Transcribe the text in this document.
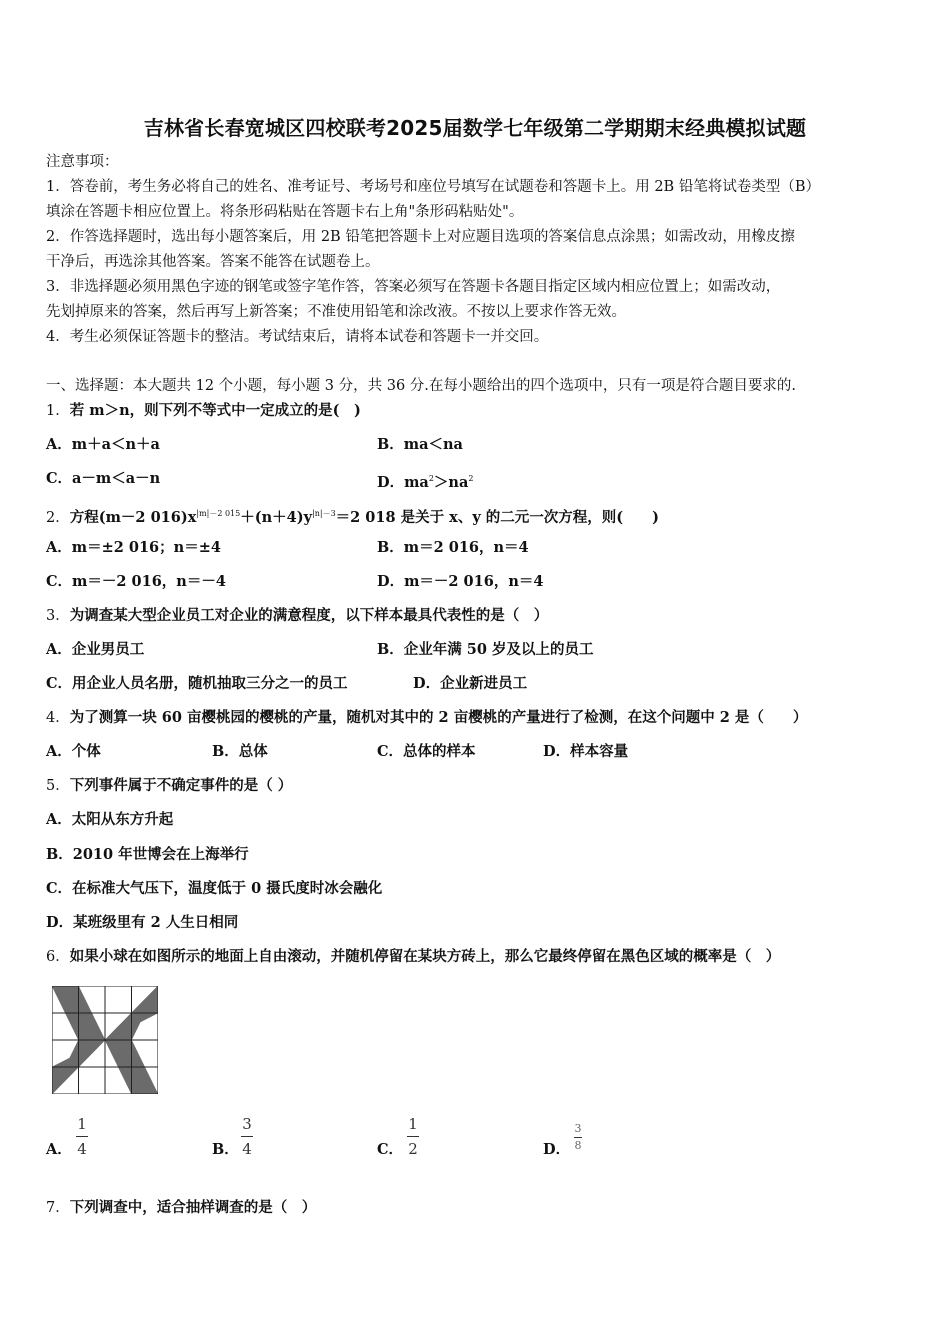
吉林省长春宽城区四校联考2025届数学七年级第二学期期末经典模拟试题
注意事项：
1．答卷前，考生务必将自己的姓名、准考证号、考场号和座位号填写在试题卷和答题卡上。用 2B 铅笔将试卷类型（B）
填涂在答题卡相应位置上。将条形码粘贴在答题卡右上角"条形码粘贴处"。
2．作答选择题时，选出每小题答案后，用 2B 铅笔把答题卡上对应题目选项的答案信息点涂黑；如需改动，用橡皮擦
干净后，再选涂其他答案。答案不能答在试题卷上。
3．非选择题必须用黑色字迹的钢笔或签字笔作答，答案必须写在答题卡各题目指定区域内相应位置上；如需改动，
先划掉原来的答案，然后再写上新答案；不准使用铅笔和涂改液。不按以上要求作答无效。
4．考生必须保证答题卡的整洁。考试结束后，请将本试卷和答题卡一并交回。
一、选择题：本大题共 12 个小题，每小题 3 分，共 36 分.在每小题给出的四个选项中，只有一项是符合题目要求的.
1．若 m＞n，则下列不等式中一定成立的是(　)
A．m＋a＜n＋a	B．ma＜na
C．a－m＜a－n	D．$ma^2>na^2$
2．方程(m－2 $016)x^{|m|-2 015}+(n+4)y^{|n|-3}=2$ 018 是关于 x、y 的二元一次方程，则(　　)
A．m＝±2 016；n＝±4	B．m＝2 016，n＝4
C．m＝－2 016，n＝－4	D．m＝－2 016，n＝4
3．为调查某大型企业员工对企业的满意程度，以下样本最具代表性的是（　）
A．企业男员工	B．企业年满 50 岁及以上的员工
C．用企业人员名册，随机抽取三分之一的员工	D．企业新进员工
4．为了测算一块 60 亩樱桃园的樱桃的产量，随机对其中的 2 亩樱桃的产量进行了检测，在这个问题中 2 是（　　）
A．个体	B．总体	C．总体的样本	D．样本容量
5．下列事件属于不确定事件的是（ ）
A．太阳从东方升起
B．2010 年世博会在上海举行
C．在标准大气压下，温度低于 0 摄氏度时冰会融化
D．某班级里有 2 人生日相同
6．如果小球在如图所示的地面上自由滚动，并随机停留在某块方砖上，那么它最终停留在黑色区域的概率是（　）
A．
1
4	B．
3
4	C．
1
2	D．
3
8
7．下列调查中，适合抽样调查的是（　）
